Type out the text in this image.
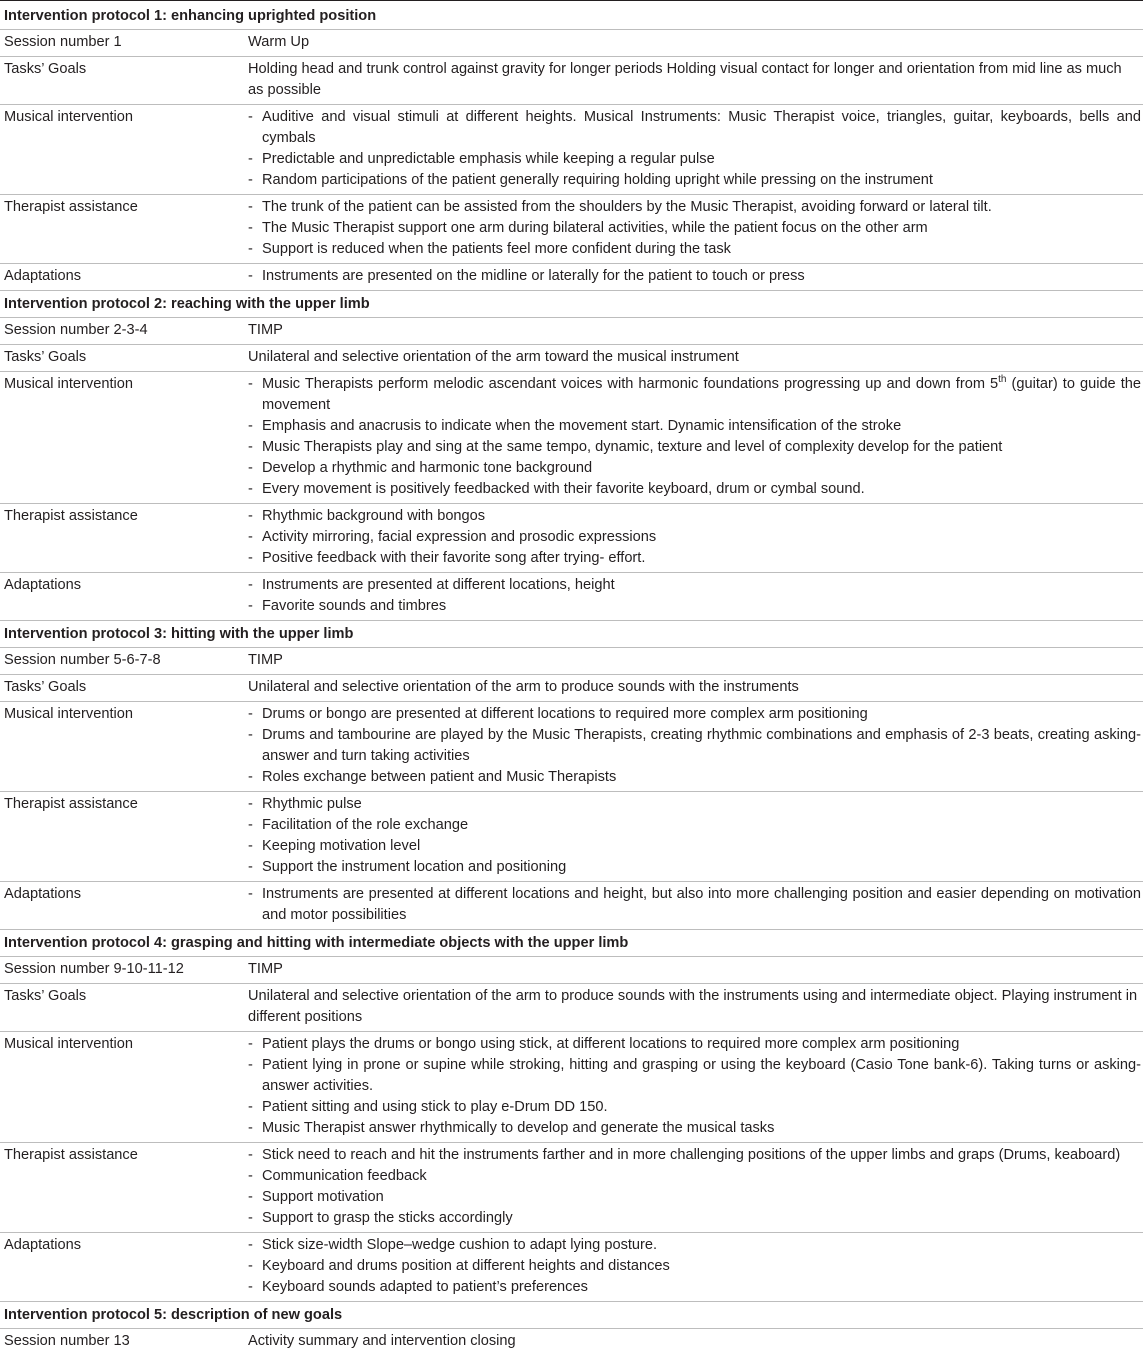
Intervention protocol 1: enhancing uprighted position
Session number 1	Warm Up
Tasks’ Goals	Holding head and trunk control against gravity for longer periods Holding visual contact for longer and orientation from mid line as much as possible
Musical intervention	- Auditive and visual stimuli at different heights. Musical Instruments: Music Therapist voice, triangles, guitar, keyboards, bells and cymbals
- Predictable and unpredictable emphasis while keeping a regular pulse
- Random participations of the patient generally requiring holding upright while pressing on the instrument
Therapist assistance	- The trunk of the patient can be assisted from the shoulders by the Music Therapist, avoiding forward or lateral tilt.
- The Music Therapist support one arm during bilateral activities, while the patient focus on the other arm
- Support is reduced when the patients feel more confident during the task
Adaptations	- Instruments are presented on the midline or laterally for the patient to touch or press
Intervention protocol 2: reaching with the upper limb
Session number 2-3-4	TIMP
Tasks’ Goals	Unilateral and selective orientation of the arm toward the musical instrument
Musical intervention	- Music Therapists perform melodic ascendant voices with harmonic foundations progressing up and down from 5th (guitar) to guide the movement
- Emphasis and anacrusis to indicate when the movement start. Dynamic intensification of the stroke
- Music Therapists play and sing at the same tempo, dynamic, texture and level of complexity develop for the patient
- Develop a rhythmic and harmonic tone background
- Every movement is positively feedbacked with their favorite keyboard, drum or cymbal sound.
Therapist assistance	- Rhythmic background with bongos
- Activity mirroring, facial expression and prosodic expressions
- Positive feedback with their favorite song after trying- effort.
Adaptations	- Instruments are presented at different locations, height
- Favorite sounds and timbres
Intervention protocol 3: hitting with the upper limb
Session number 5-6-7-8	TIMP
Tasks’ Goals	Unilateral and selective orientation of the arm to produce sounds with the instruments
Musical intervention	- Drums or bongo are presented at different locations to required more complex arm positioning
- Drums and tambourine are played by the Music Therapists, creating rhythmic combinations and emphasis of 2-3 beats, creating asking-answer and turn taking activities
- Roles exchange between patient and Music Therapists
Therapist assistance	- Rhythmic pulse
- Facilitation of the role exchange
- Keeping motivation level
- Support the instrument location and positioning
Adaptations	- Instruments are presented at different locations and height, but also into more challenging position and easier depending on motivation and motor possibilities
Intervention protocol 4: grasping and hitting with intermediate objects with the upper limb
Session number 9-10-11-12	TIMP
Tasks’ Goals	Unilateral and selective orientation of the arm to produce sounds with the instruments using and intermediate object. Playing instrument in different positions
Musical intervention	- Patient plays the drums or bongo using stick, at different locations to required more complex arm positioning
- Patient lying in prone or supine while stroking, hitting and grasping or using the keyboard (Casio Tone bank-6). Taking turns or asking-answer activities.
- Patient sitting and using stick to play e-Drum DD 150.
- Music Therapist answer rhythmically to develop and generate the musical tasks
Therapist assistance	- Stick need to reach and hit the instruments farther and in more challenging positions of the upper limbs and graps (Drums, keaboard)
- Communication feedback
- Support motivation
- Support to grasp the sticks accordingly
Adaptations	- Stick size-width Slope–wedge cushion to adapt lying posture.
- Keyboard and drums position at different heights and distances
- Keyboard sounds adapted to patient’s preferences
Intervention protocol 5: description of new goals
Session number 13	Activity summary and intervention closing
